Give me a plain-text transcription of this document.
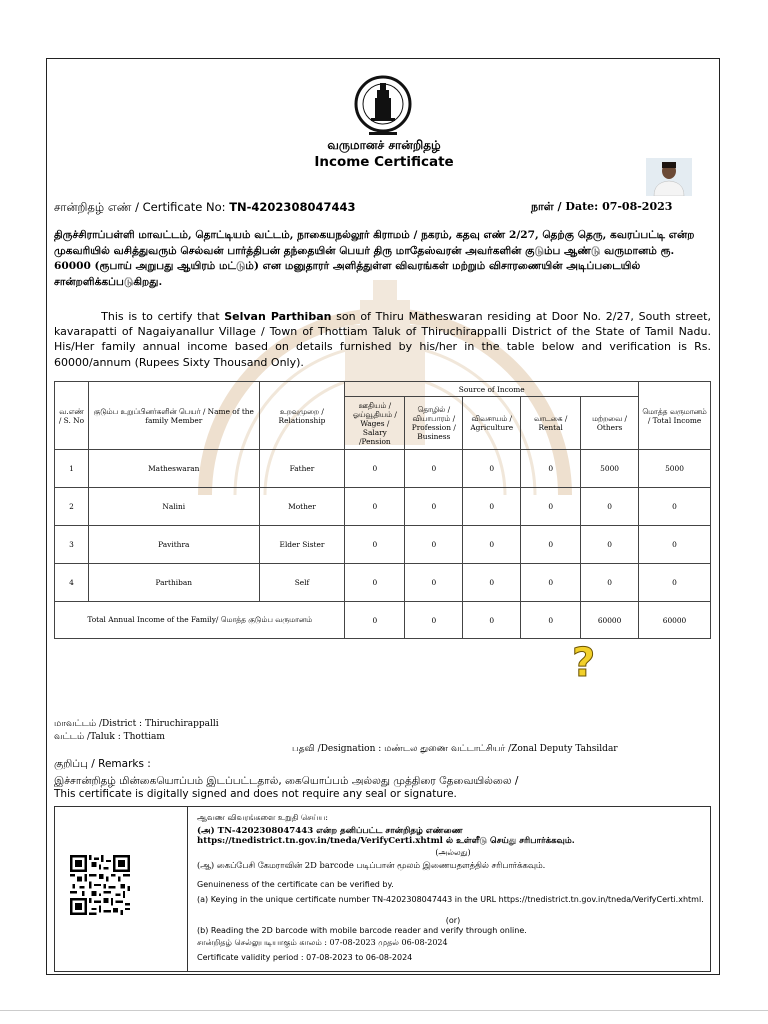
வருமானச் சான்றிதழ்
Income Certificate
சான்றிதழ் எண் / Certificate No: TN-4202308047443	நாள் / Date: 07-08-2023
திருச்சிராப்பள்ளி மாவட்டம், தொட்டியம் வட்டம், நாகையநல்லூர் கிராமம் / நகரம், கதவு எண் 2/27, தெற்கு தெரு, கவரப்பட்டி என்ற முகவரியில் வசித்துவரும் செல்வன் பார்த்திபன் தந்தையின் பெயர் திரு மாதேஸ்வரன் அவர்களின் குடும்ப ஆண்டு வருமானம் ரூ. 60000 (ரூபாய் அறுபது ஆயிரம் மட்டும்) என மனுதாரர் அளித்துள்ள விவரங்கள் மற்றும் விசாரணையின் அடிப்படையில் சான்றளிக்கப்படுகிறது.
This is to certify that Selvan Parthiban son of Thiru Matheswaran residing at Door No. 2/27, South street, kavarapatti of Nagaiyanallur Village / Town of Thottiam Taluk of Thiruchirappalli District of the State of Tamil Nadu. His/Her family annual income based on details furnished by his/her in the table below and verification is Rs. 60000/annum (Rupees Sixty Thousand Only).
வ.எண் / S. No	குடும்ப உறுப்பினர்களின் பெயர் / Name of the family Member	உறவுமுறை / Relationship	Source of Income					மொத்த வருமானம் / Total Income
			ஊதியம் / ஓய்வூதியம் / Wages / Salary /Pension	தொழில் / வியாபாரம் / Profession / Business	விவசாயம் / Agriculture	வாடகை / Rental	மற்றவை / Others	
1	Matheswaran	Father	0	0	0	0	5000	5000
2	Nalini	Mother	0	0	0	0	0	0
3	Pavithra	Elder Sister	0	0	0	0	0	0
4	Parthiban	Self	0	0	0	0	0	0
Total Annual Income of the Family/ மொத்த குடும்ப வருமானம்			0	0	0	0	60000	60000
?
மாவட்டம் /District : Thiruchirappalli
வட்டம் /Taluk : Thottiam
பதவி /Designation : மண்டல துணை வட்டாட்சியர் /Zonal Deputy Tahsildar
குறிப்பு / Remarks :
இச்சான்றிதழ் மின்கையொப்பம் இடப்பட்டதால், கையொப்பம் அல்லது முத்திரை தேவையில்லை /
This certificate is digitally signed and does not require any seal or signature.
ஆவண விவரங்களை உறுதி செய்ய:
(அ) TN-4202308047443 என்ற தனிப்பட்ட சான்றிதழ் எண்ணை https://tnedistrict.tn.gov.in/tneda/VerifyCerti.xhtml ல் உள்ளீடு செய்து சரிபார்க்கவும்.
(அல்லது)
(ஆ) கைப்பேசி கேமராவின் 2D barcode படிப்பான் மூலம் இணையதளத்தில் சரிபார்க்கவும்.
Genuineness of the certificate can be verified by.
(a) Keying in the unique certificate number TN-4202308047443 in the URL https://tnedistrict.tn.gov.in/tneda/VerifyCerti.xhtml.
(or)
(b) Reading the 2D barcode with mobile barcode reader and verify through online.
சான்றிதழ் செல்லுபடியாகும் காலம் : 07-08-2023 முதல் 06-08-2024
Certificate validity period : 07-08-2023 to 06-08-2024
